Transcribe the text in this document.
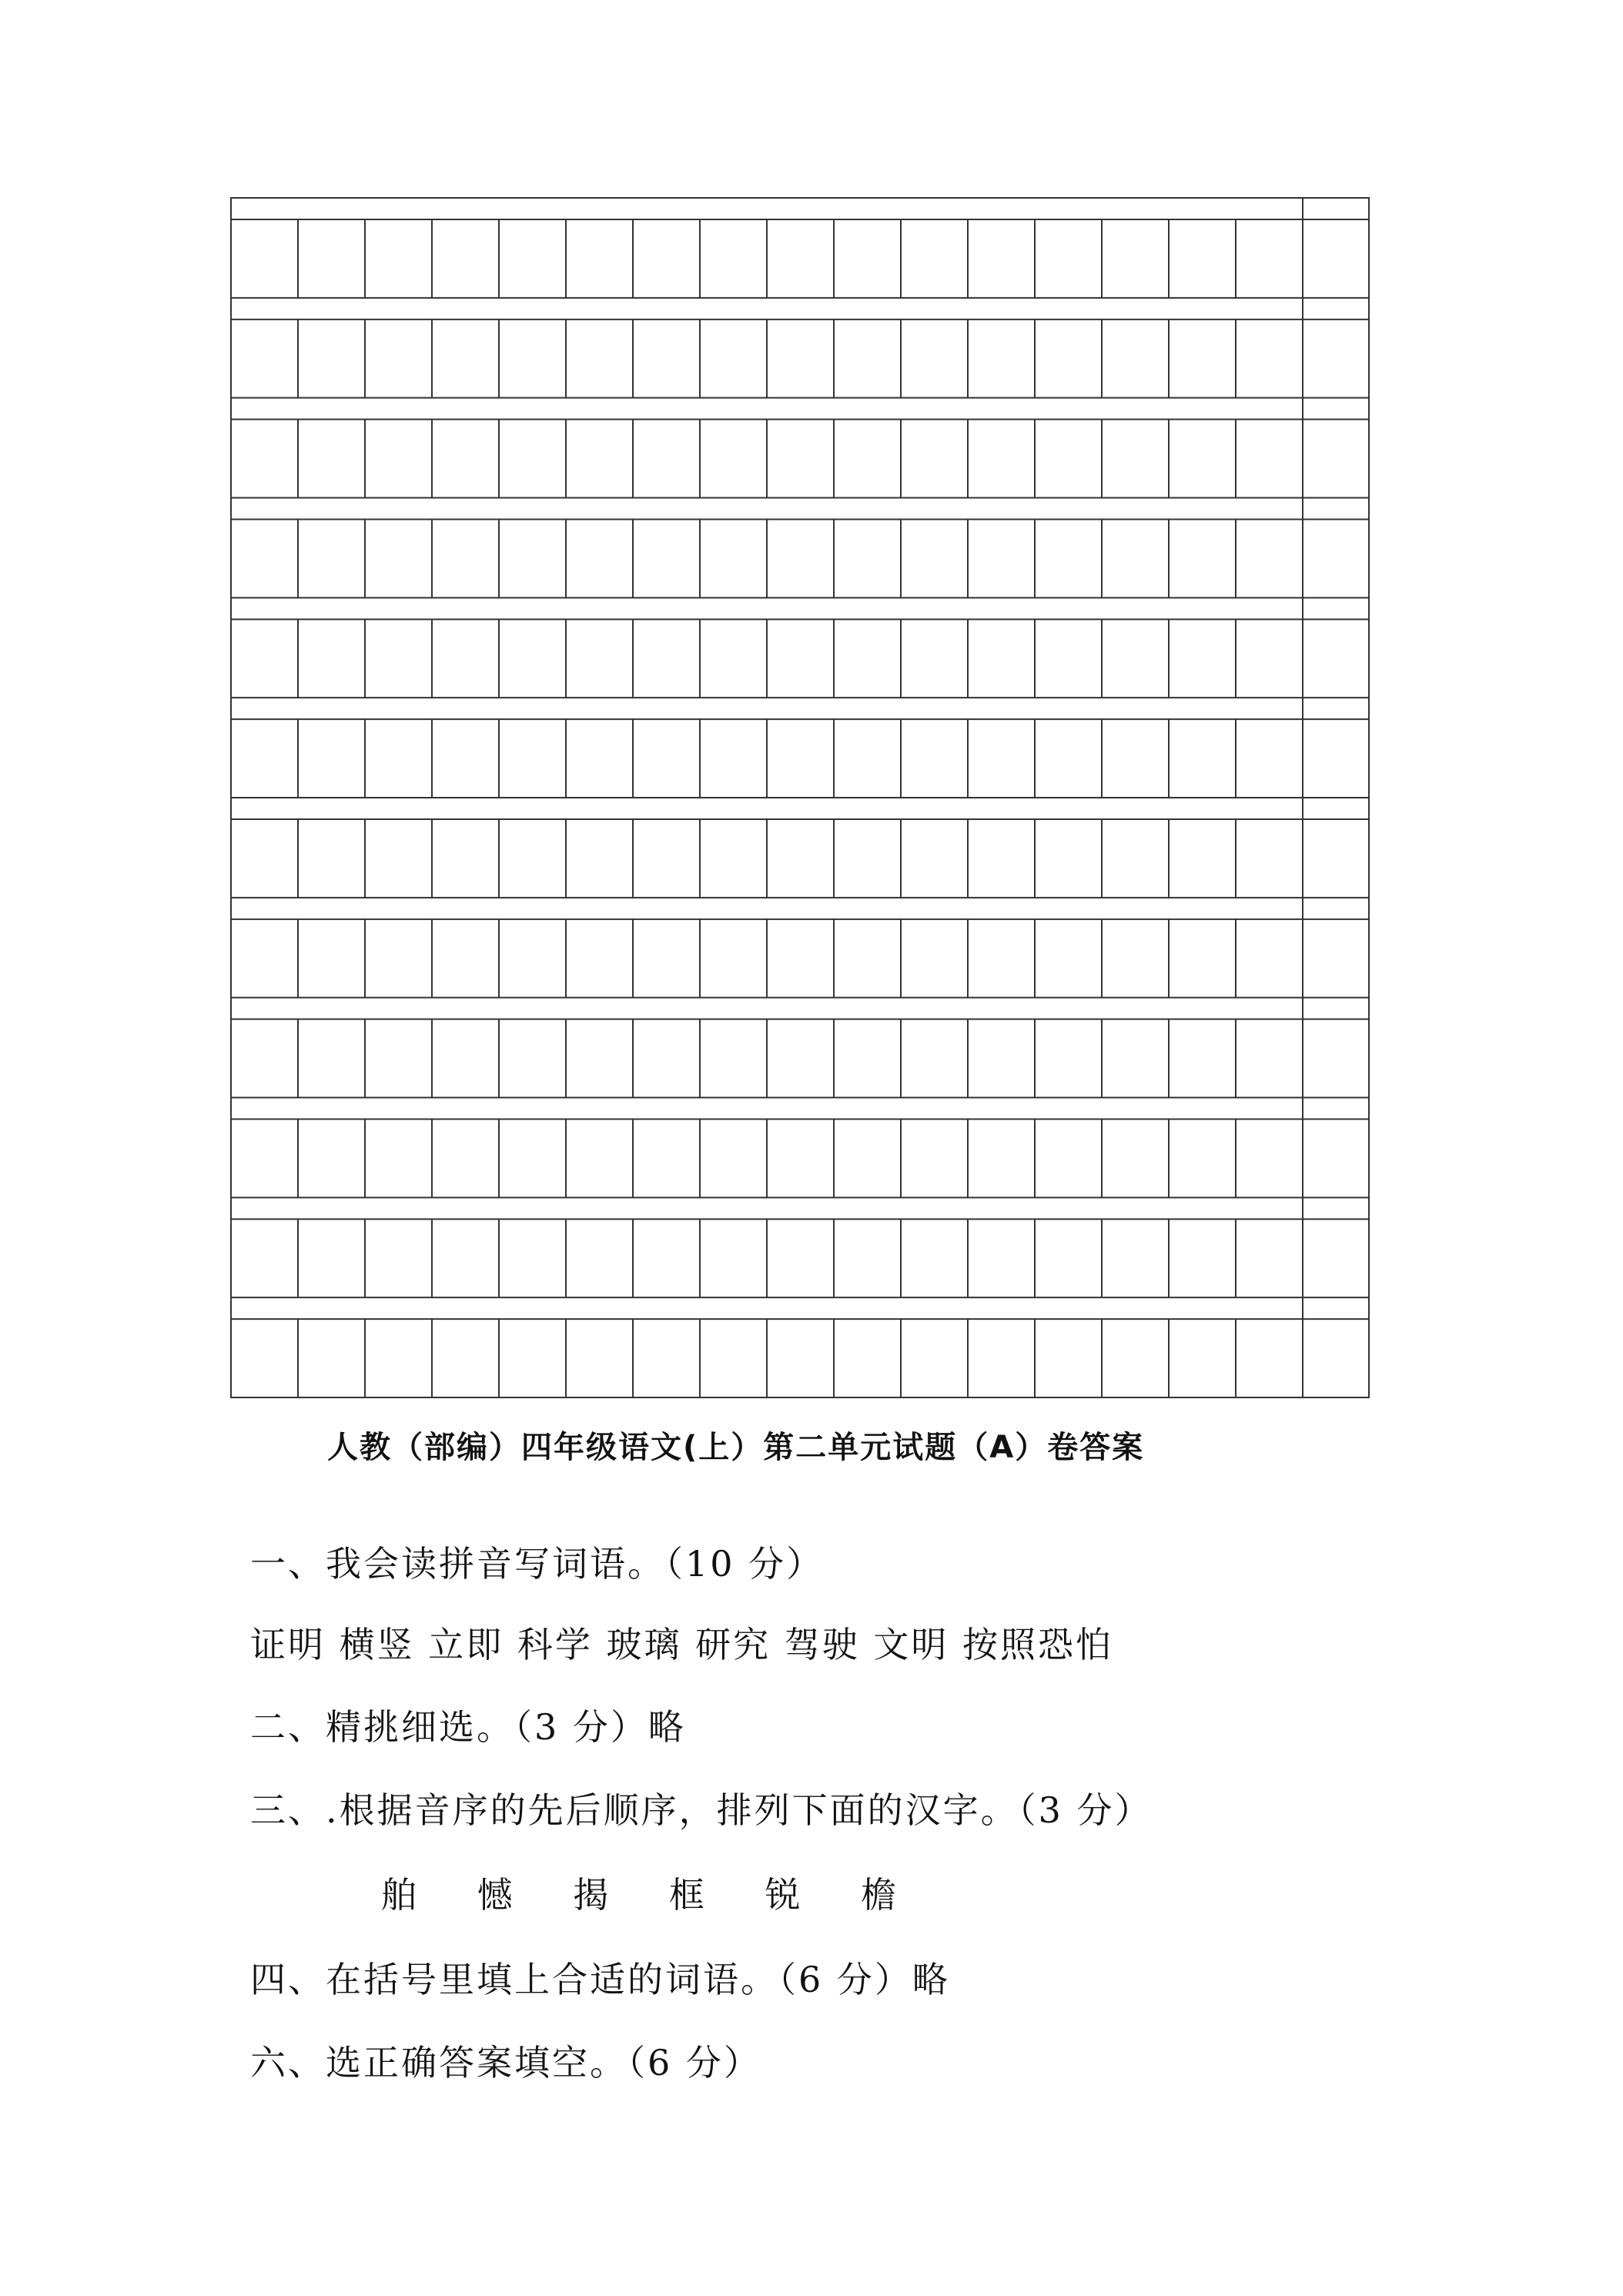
人教（部编）四年级语文(上）第二单元试题（A）卷答案
一、我会读拼音写词语。（10 分）
证明 横竖 立即 科学 玻璃 研究 驾驶 文明 按照恐怕
二、精挑细选。（3 分）略
三、.根据音序的先后顺序，排列下面的汉字。（3 分）
舶 憾 揭 框 锐 檐
四、在括号里填上合适的词语。（6 分）略
六、选正确答案填空。（6 分）
